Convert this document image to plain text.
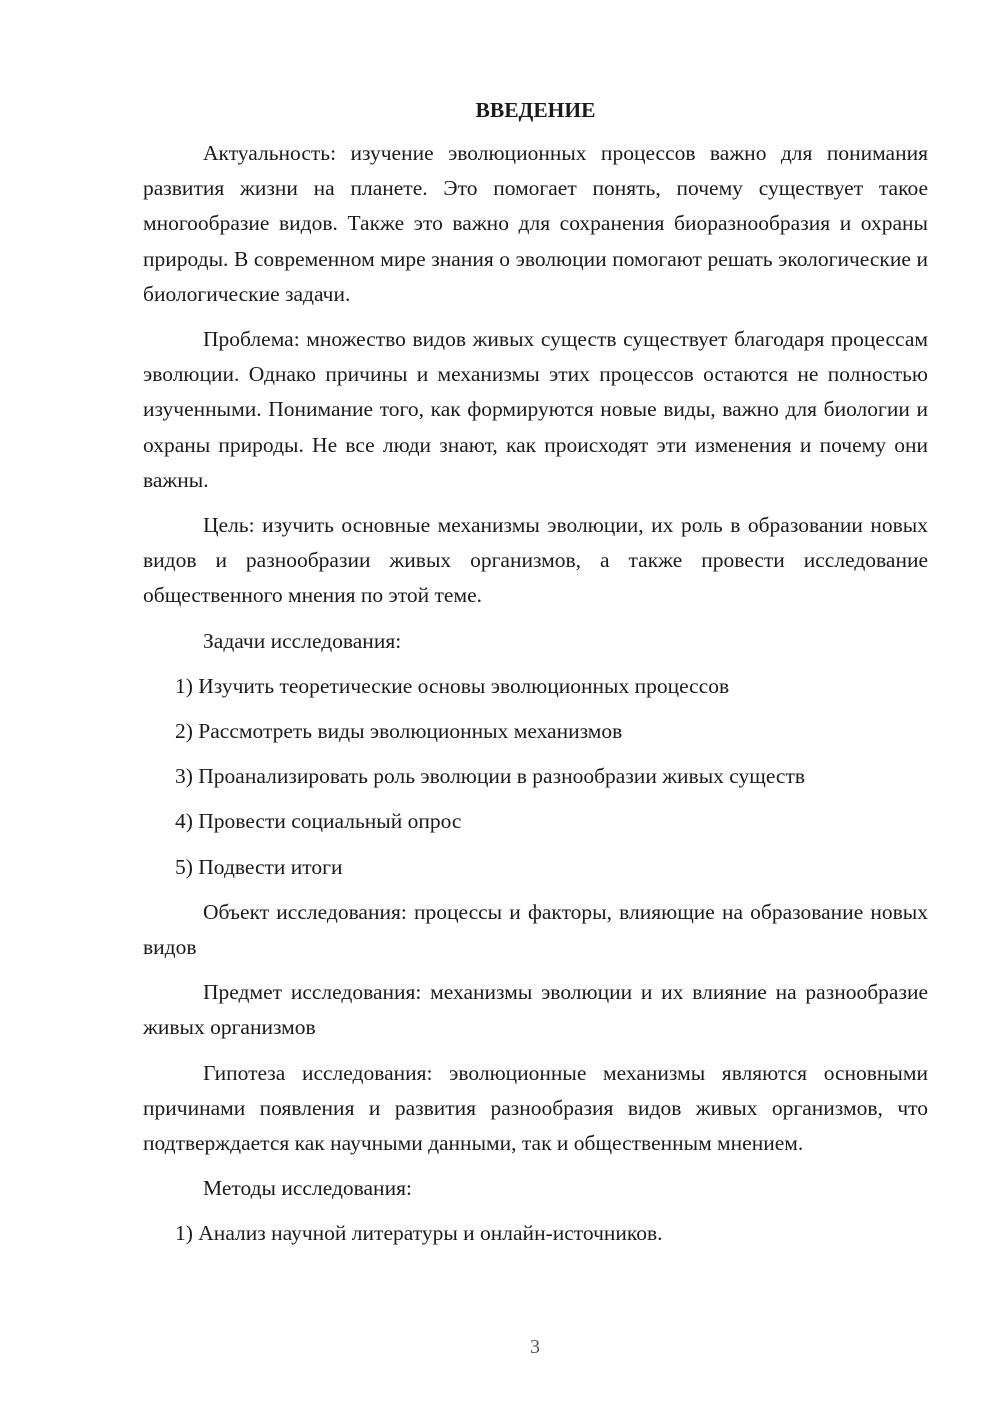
ВВЕДЕНИЕ

Актуальность: изучение эволюционных процессов важно для понимания развития жизни на планете. Это помогает понять, почему существует такое многообразие видов. Также это важно для сохранения биоразнообразия и охраны природы. В современном мире знания о эволюции помогают решать экологические и биологические задачи.

Проблема: множество видов живых существ существует благодаря процессам эволюции. Однако причины и механизмы этих процессов остаются не полностью изученными. Понимание того, как формируются новые виды, важно для биологии и охраны природы. Не все люди знают, как происходят эти изменения и почему они важны.

Цель: изучить основные механизмы эволюции, их роль в образовании новых видов и разнообразии живых организмов, а также провести исследование общественного мнения по этой теме.

Задачи исследования:

1) Изучить теоретические основы эволюционных процессов

2) Рассмотреть виды эволюционных механизмов

3) Проанализировать роль эволюции в разнообразии живых существ

4) Провести социальный опрос

5) Подвести итоги

Объект исследования: процессы и факторы, влияющие на образование новых видов

Предмет исследования: механизмы эволюции и их влияние на разнообразие живых организмов

Гипотеза исследования: эволюционные механизмы являются основными причинами появления и развития разнообразия видов живых организмов, что подтверждается как научными данными, так и общественным мнением.

Методы исследования:

1) Анализ научной литературы и онлайн-источников.

3
